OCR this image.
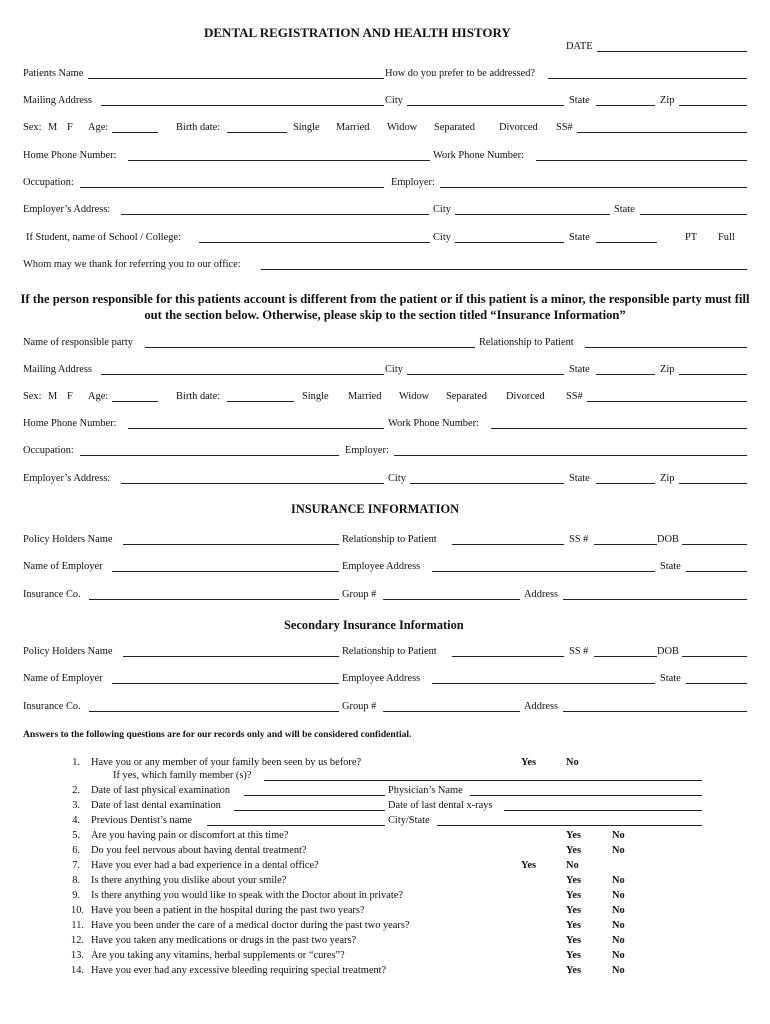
DENTAL REGISTRATION AND HEALTH HISTORY
DATE
Patients Name	How do you prefer to be addressed?
Mailing Address	City	State	Zip
Sex: M F Age:	Birth date:	Single Married Widow Separated Divorced SS#
Home Phone Number:	Work Phone Number:
Occupation:	Employer:
Employer’s Address:	City	State
If Student, name of School / College:	City	State	PT Full
Whom may we thank for referring you to our office:
If the person responsible for this patients account is different from the patient or if this patient is a minor, the responsible party must fill out the section below. Otherwise, please skip to the section titled “Insurance Information”
Name of responsible party	Relationship to Patient
Mailing Address	City	State	Zip
Sex: M F Age:	Birth date:	Single Married Widow Separated Divorced SS#
Home Phone Number:	Work Phone Number:
Occupation:	Employer:
Employer’s Address:	City	State	Zip
INSURANCE INFORMATION
Policy Holders Name	Relationship to Patient	SS #	DOB
Name of Employer	Employee Address	State
Insurance Co.	Group #	Address
Secondary Insurance Information
Policy Holders Name	Relationship to Patient	SS #	DOB
Name of Employer	Employee Address	State
Insurance Co.	Group #	Address
Answers to the following questions are for our records only and will be considered confidential.
1. Have you or any member of your family been seen by us before?	Yes	No
If yes, which family member (s)?
2. Date of last physical examination	Physician’s Name
3. Date of last dental examination	Date of last dental x-rays
4. Previous Dentist’s name	City/State
5. Are you having pain or discomfort at this time?	Yes	No
6. Do you feel nervous about having dental treatment?	Yes	No
7. Have you ever had a bad experience in a dental office?	Yes	No
8. Is there anything you dislike about your smile?	Yes	No
9. Is there anything you would like to speak with the Doctor about in private?	Yes	No
10. Have you been a patient in the hospital during the past two years?	Yes	No
11. Have you been under the care of a medical doctor during the past two years?	Yes	No
12. Have you taken any medications or drugs in the past two years?	Yes	No
13. Are you taking any vitamins, herbal supplements or “cures”?	Yes	No
14. Have you ever had any excessive bleeding requiring special treatment?	Yes	No
